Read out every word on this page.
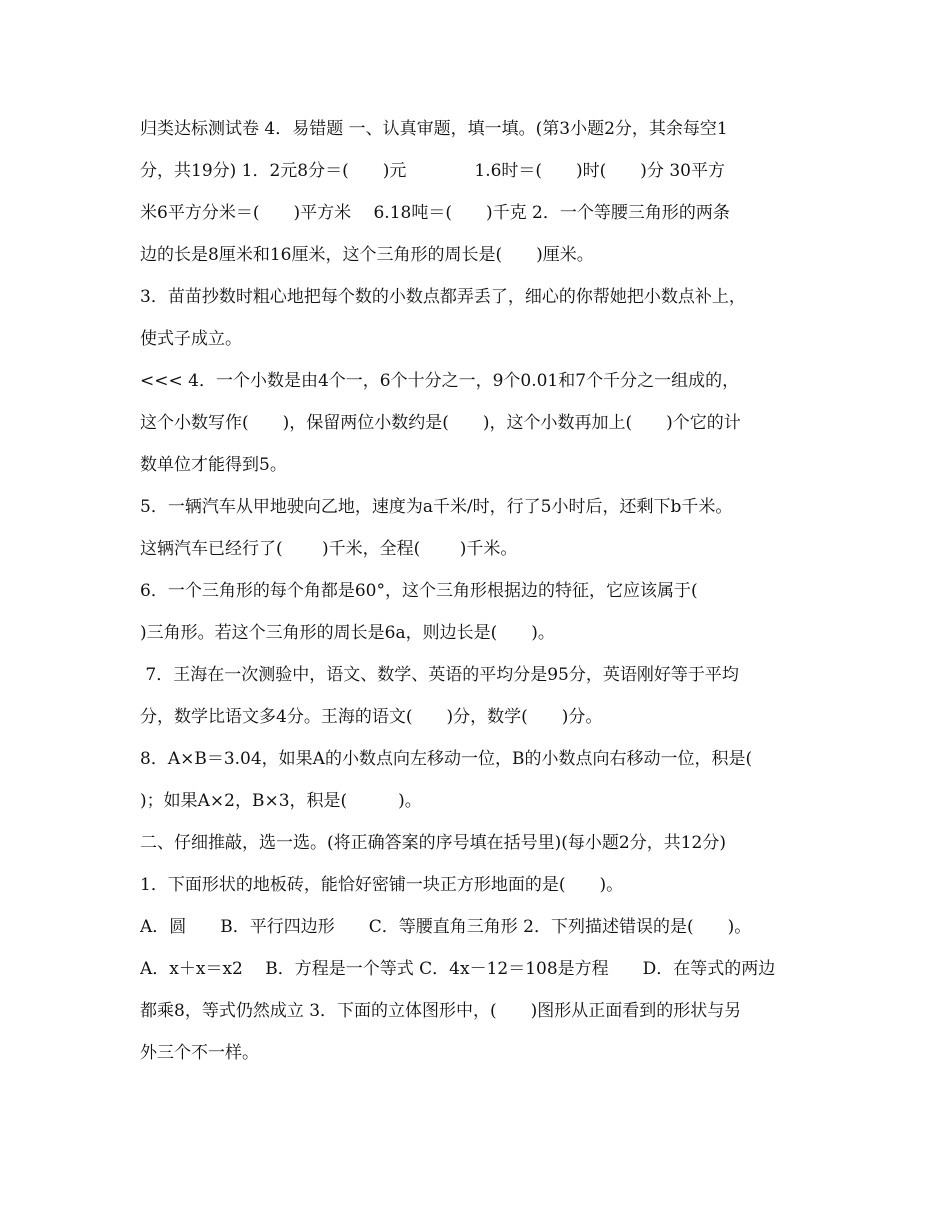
归类达标测试卷 4．易错题 一、认真审题，填一填。(第3小题2分，其余每空1
分，共19分) 1．2元8分＝(　　)元　　　　1.6时＝(　　)时(　　)分 30平方
米6平方分米＝(　　)平方米　 6.18吨＝(　　)千克 2．一个等腰三角形的两条
边的长是8厘米和16厘米，这个三角形的周长是(　　)厘米。
3．苗苗抄数时粗心地把每个数的小数点都弄丢了，细心的你帮她把小数点补上，
使式子成立。
<<< 4．一个小数是由4个一，6个十分之一，9个0.01和7个千分之一组成的，
这个小数写作(　　)，保留两位小数约是(　　)，这个小数再加上(　　)个它的计
数单位才能得到5。
5．一辆汽车从甲地驶向乙地，速度为a千米/时，行了5小时后，还剩下b千米。
这辆汽车已经行了(　　 )千米，全程(　　 )千米。
6．一个三角形的每个角都是60°，这个三角形根据边的特征，它应该属于(
)三角形。若这个三角形的周长是6a，则边长是(　　)。
7．王海在一次测验中，语文、数学、英语的平均分是95分，英语刚好等于平均
分，数学比语文多4分。王海的语文(　　)分，数学(　　)分。
8．A×B＝3.04，如果A的小数点向左移动一位，B的小数点向右移动一位，积是(
)；如果A×2，B×3，积是(　　　)。
二、仔细推敲，选一选。(将正确答案的序号填在括号里)(每小题2分，共12分)
1．下面形状的地板砖，能恰好密铺一块正方形地面的是(　　)。
A．圆　　B．平行四边形　　C．等腰直角三角形 2．下列描述错误的是(　　)。
A．x＋x＝x2　 B．方程是一个等式 C．4x－12＝108是方程　　D．在等式的两边
都乘8，等式仍然成立 3．下面的立体图形中，(　　)图形从正面看到的形状与另
外三个不一样。
